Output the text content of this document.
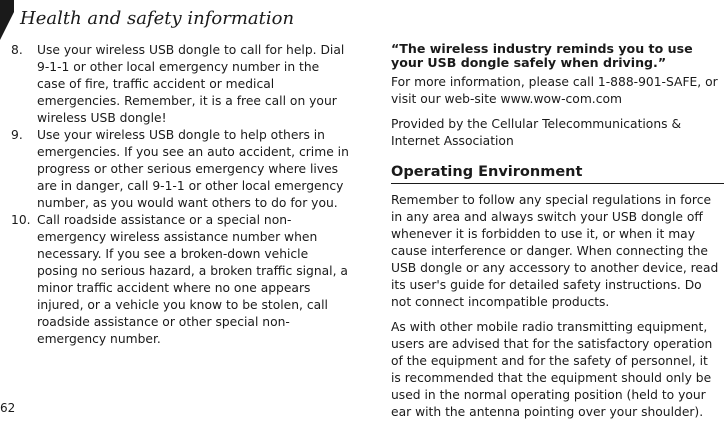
Health and safety information
8.	Use your wireless USB dongle to call for help. Dial 9-1-1 or other local emergency number in the case of fire, traffic accident or medical emergencies. Remember, it is a free call on your wireless USB dongle!
9.	Use your wireless USB dongle to help others in emergencies. If you see an auto accident, crime in progress or other serious emergency where lives are in danger, call 9-1-1 or other local emergency number, as you would want others to do for you.
10. Call roadside assistance or a special non-emergency wireless assistance number when necessary. If you see a broken-down vehicle posing no serious hazard, a broken traffic signal, a minor traffic accident where no one appears injured, or a vehicle you know to be stolen, call roadside assistance or other special non-emergency number.
“The wireless industry reminds you to use your USB dongle safely when driving.”

For more information, please call 1-888-901-SAFE, or visit our web-site www.wow-com.com

Provided by the Cellular Telecommunications & Internet Association

Operating Environment

Remember to follow any special regulations in force in any area and always switch your USB dongle off whenever it is forbidden to use it, or when it may cause interference or danger. When connecting the USB dongle or any accessory to another device, read its user's guide for detailed safety instructions. Do not connect incompatible products.

As with other mobile radio transmitting equipment, users are advised that for the satisfactory operation of the equipment and for the safety of personnel, it is recommended that the equipment should only be used in the normal operating position (held to your ear with the antenna pointing over your shoulder).

62
